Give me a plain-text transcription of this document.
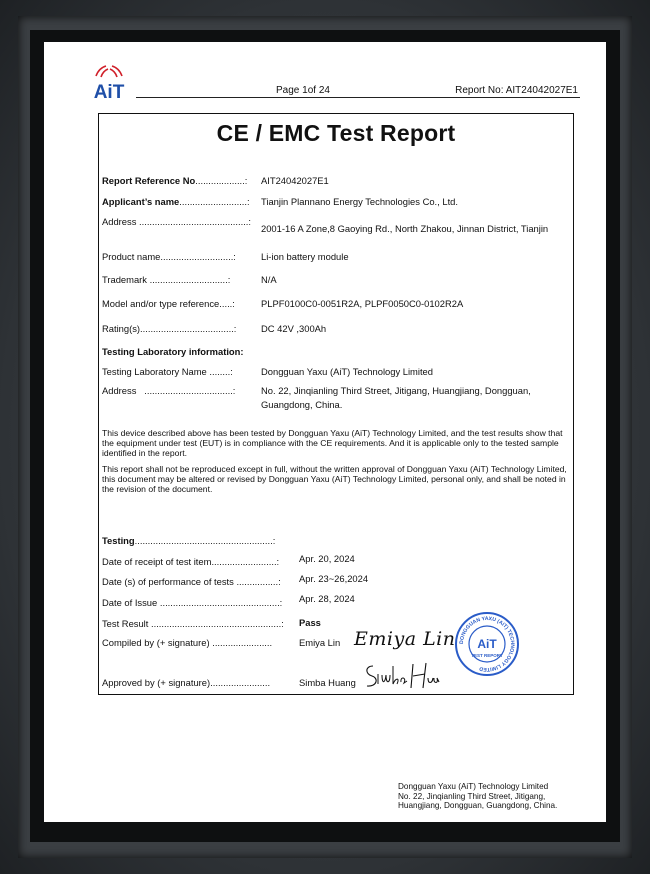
AiT	Page 1of 24	Report No: AIT24042027E1
CE / EMC Test Report
Report Reference No...................: AIT24042027E1
Applicant’s name..........................: Tianjin Plannano Energy Technologies Co., Ltd.
Address ..........................................:
2001-16 A Zone,8 Gaoying Rd., North Zhakou, Jinnan District, Tianjin
Product name............................:	Li-ion battery module
Trademark ..............................:	N/A
Model and/or type reference.....:	PLPF0100C0-0051R2A, PLPF0050C0-0102R2A
Rating(s)....................................:	DC 42V ,300Ah
Testing Laboratory information:
Testing Laboratory Name ........:	Dongguan Yaxu (AiT) Technology Limited
Address ..................................:	No. 22, Jinqianling Third Street, Jitigang, Huangjiang, Dongguan,
Guangdong, China.
This device described above has been tested by Dongguan Yaxu (AiT) Technology Limited, and the test results show that the equipment under test (EUT) is in compliance with the CE requirements. And it is applicable only to the tested sample identified in the report.
This report shall not be reproduced except in full, without the written approval of Dongguan Yaxu (AiT) Technology Limited, this document may be altered or revised by Dongguan Yaxu (AiT) Technology Limited, personal only, and shall be noted in the revision of the document.
Testing.....................................................:
Date of receipt of test item.........................: Apr. 20, 2024
Date (s) of performance of tests ................: Apr. 23~26,2024
Date of Issue ..............................................: Apr. 28, 2024
Test Result ..................................................: Pass
Compiled by (+ signature) .......................	Emiya Lin Emiya Lin
Approved by (+ signature).......................	Simba Huang
DONGGUAN YAXU (AIT) TECHNOLOGY LIMITED
AiT
TEST REPORT
Dongguan Yaxu (AiT) Technology Limited
No. 22, Jinqianling Third Street, Jitigang,
Huangjiang, Dongguan, Guangdong, China.
